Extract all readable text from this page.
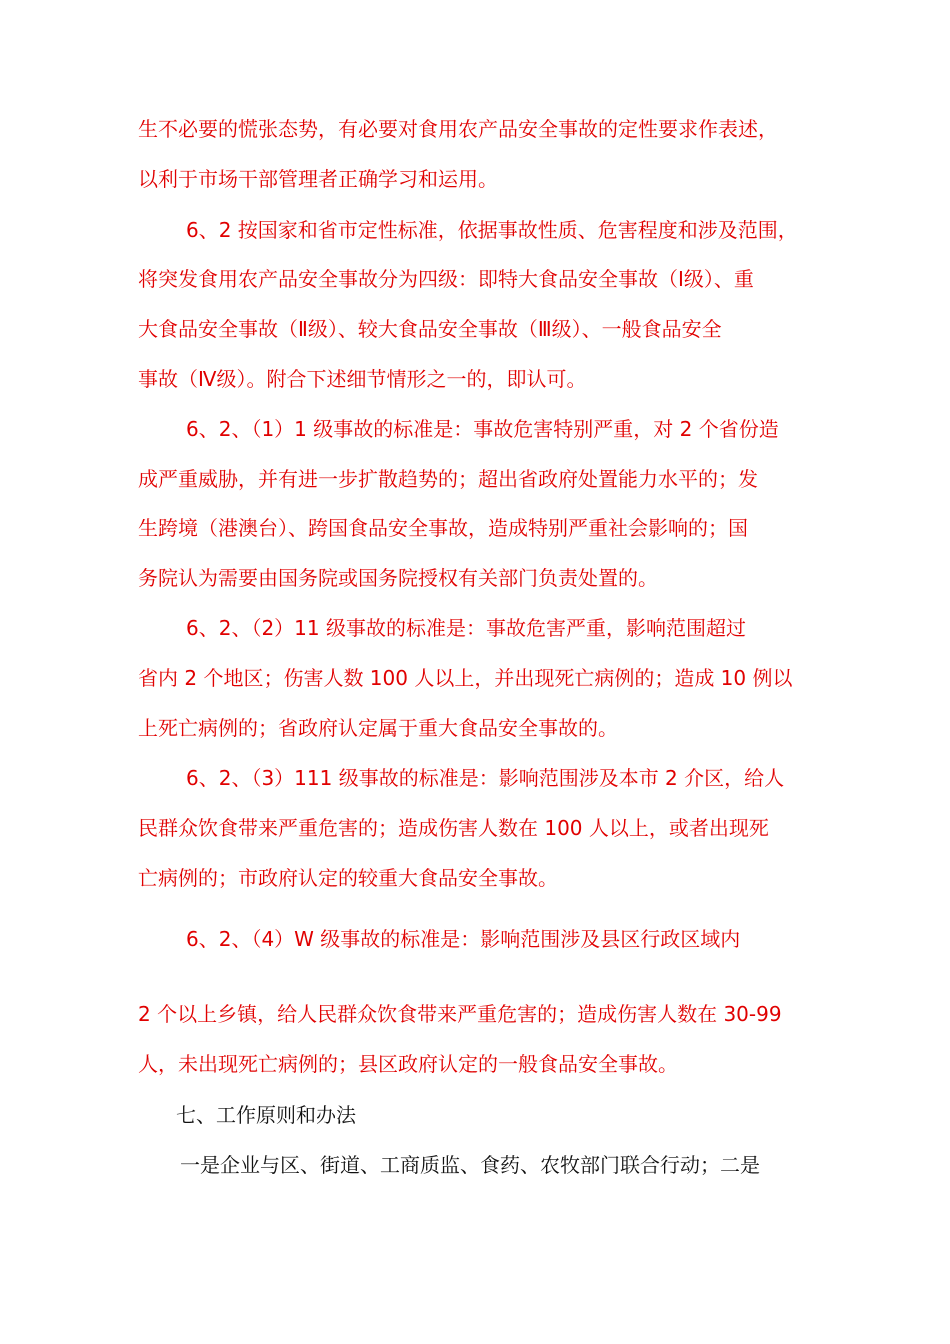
生不必要的慌张态势，有必要对食用农产品安全事故的定性要求作表述，
以利于市场干部管理者正确学习和运用。
6、2 按国家和省市定性标准，依据事故性质、危害程度和涉及范围，
将突发食用农产品安全事故分为四级：即特大食品安全事故（Ⅰ级）、重
大食品安全事故（Ⅱ级）、较大食品安全事故（Ⅲ级）、一般食品安全
事故（Ⅳ级）。附合下述细节情形之一的，即认可。
6、2、（1）1 级事故的标准是：事故危害特别严重，对 2 个省份造
成严重威胁，并有进一步扩散趋势的；超出省政府处置能力水平的；发
生跨境（港澳台）、跨国食品安全事故，造成特别严重社会影响的；国
务院认为需要由国务院或国务院授权有关部门负责处置的。
6、2、（2）11 级事故的标准是：事故危害严重，影响范围超过
省内 2 个地区；伤害人数 100 人以上，并出现死亡病例的；造成 10 例以
上死亡病例的；省政府认定属于重大食品安全事故的。
6、2、（3）111 级事故的标准是：影响范围涉及本市 2 介区，给人
民群众饮食带来严重危害的；造成伤害人数在 100 人以上，或者出现死
亡病例的；市政府认定的较重大食品安全事故。
6、2、（4）W 级事故的标准是：影响范围涉及县区行政区域内
2 个以上乡镇，给人民群众饮食带来严重危害的；造成伤害人数在 30-99
人，未出现死亡病例的；县区政府认定的一般食品安全事故。
七、工作原则和办法
一是企业与区、街道、工商质监、食药、农牧部门联合行动；二是
